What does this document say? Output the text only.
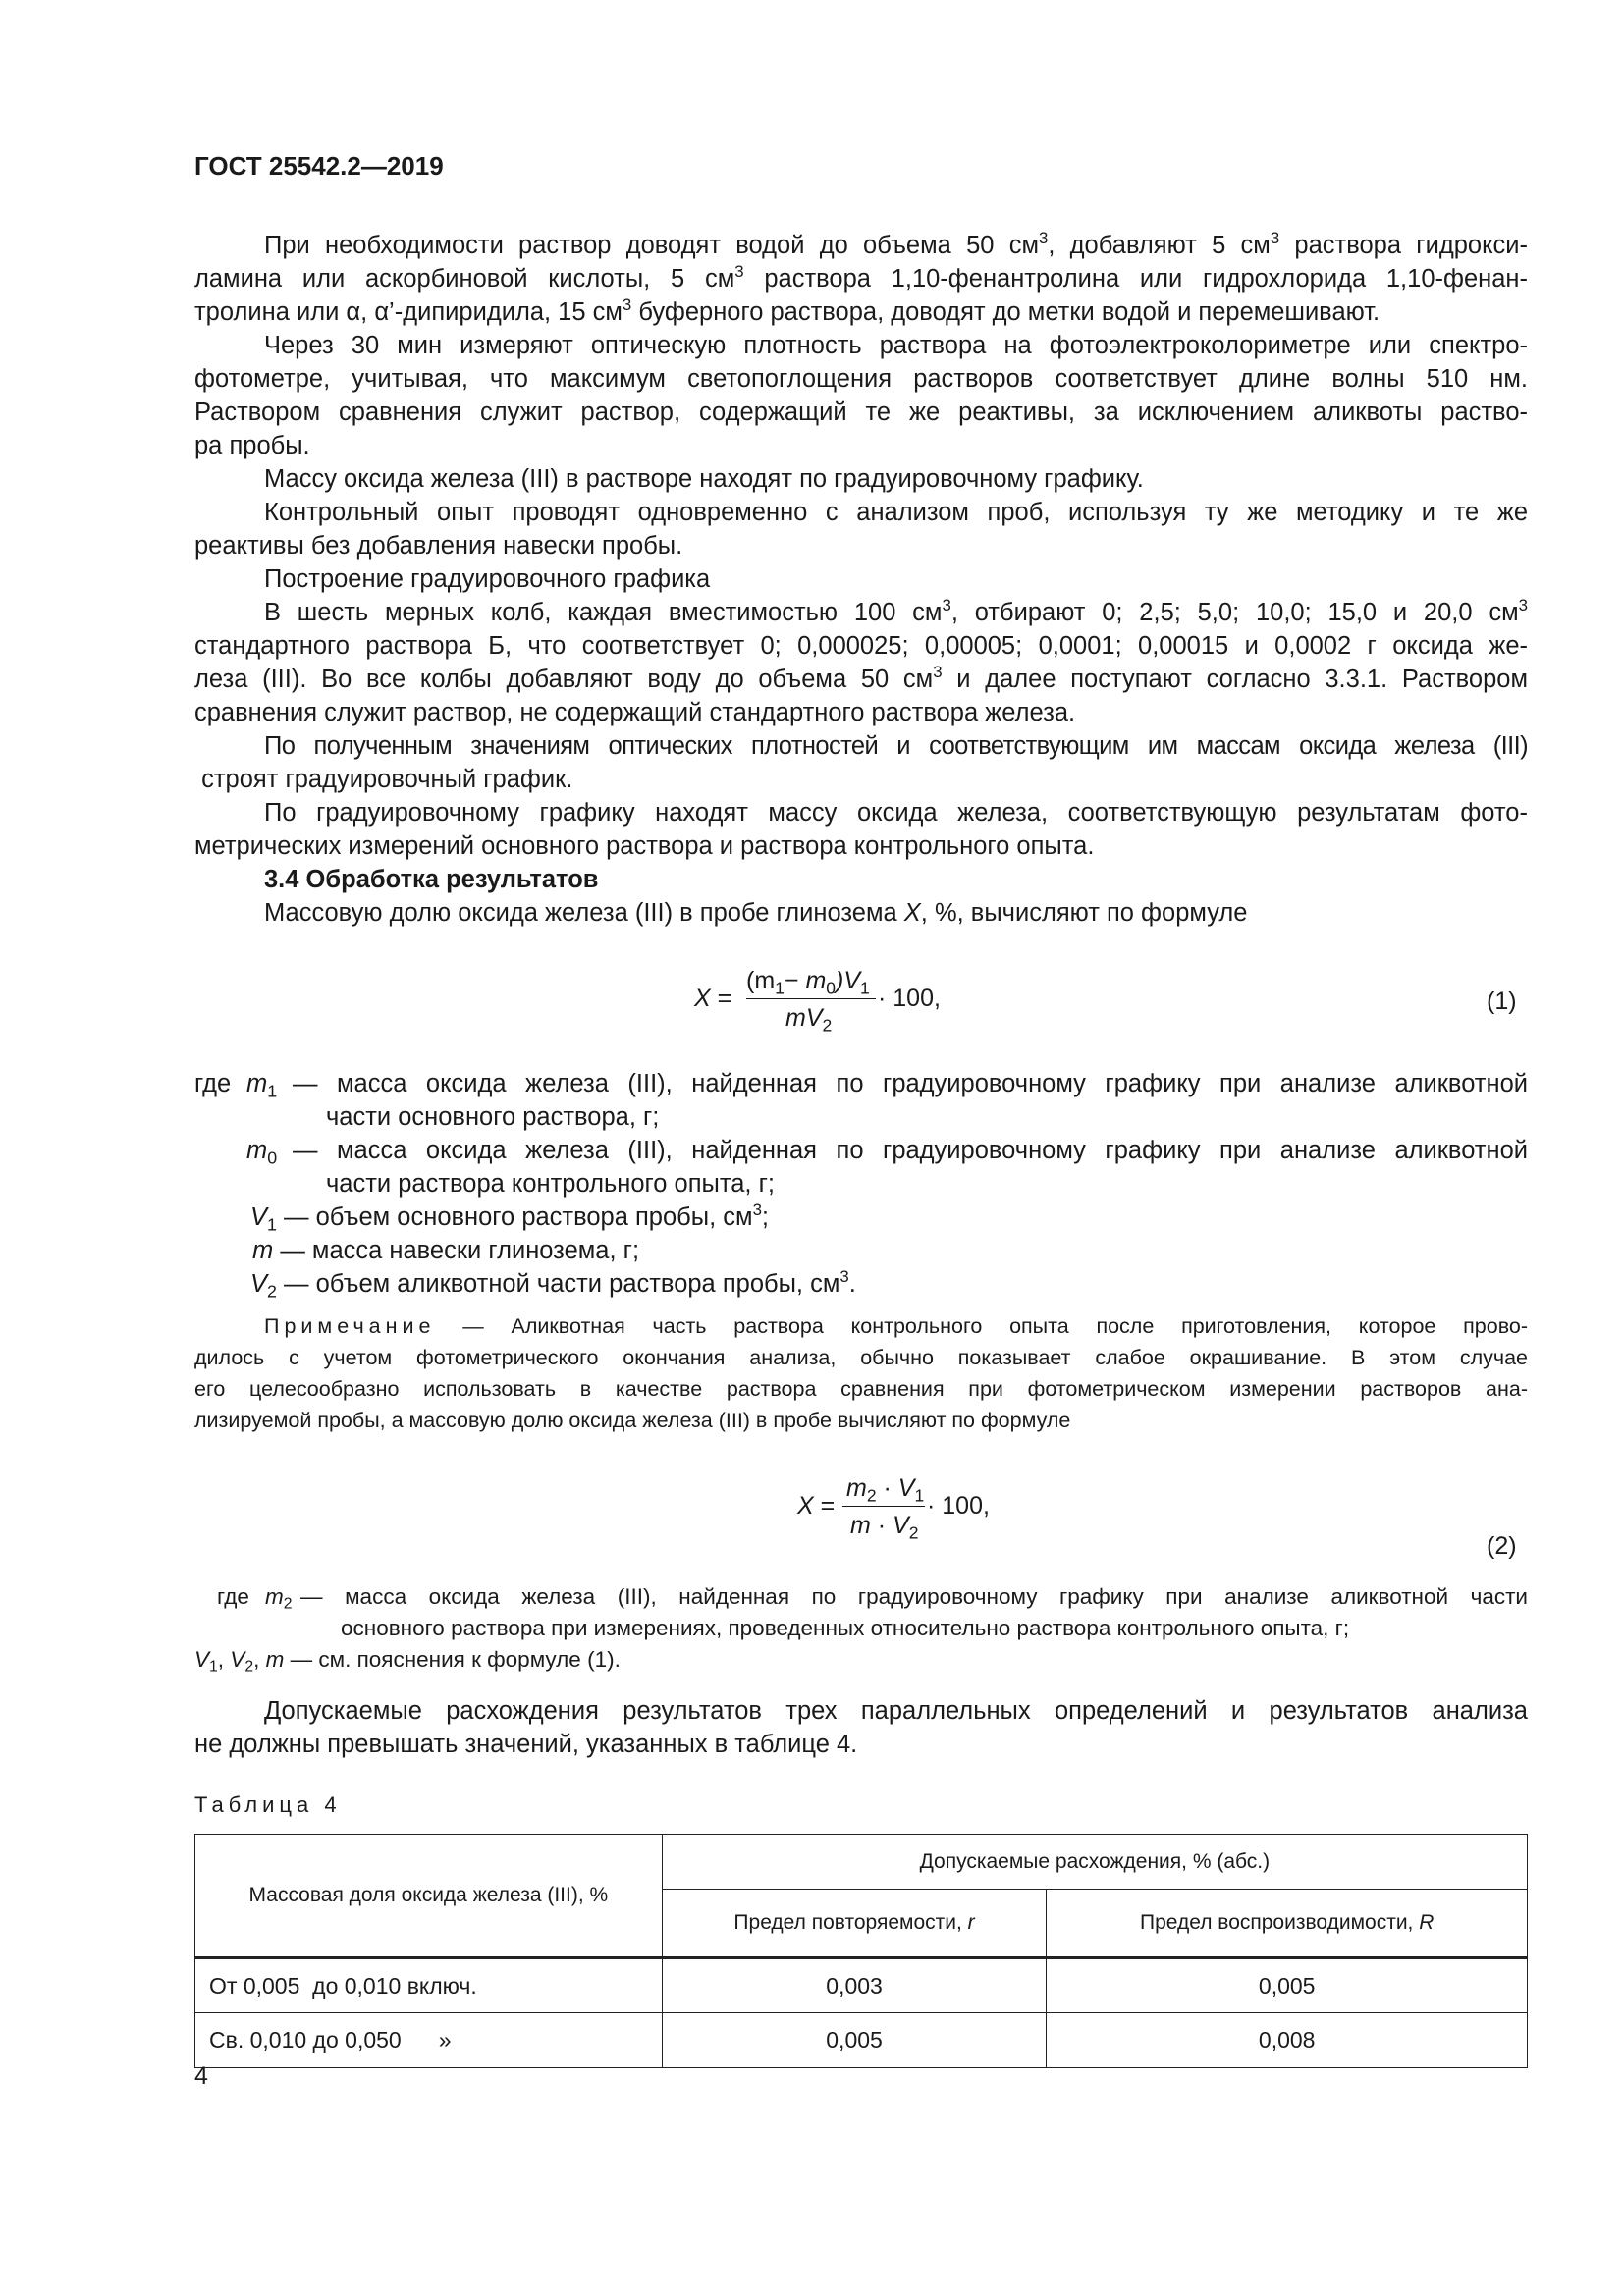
ГОСТ 25542.2—2019
При необходимости раствор доводят водой до объема 50 $см^3$, добавляют 5 $см^3$ раствора гидрокси-
ламина или аскорбиновой кислоты, 5 $см^3$ раствора 1,10-фенантролина или гидрохлорида 1,10-фенан-
тролина или α, α’-дипиридила, 15 $см^3$ буферного раствора, доводят до метки водой и перемешивают.
Через 30 мин измеряют оптическую плотность раствора на фотоэлектроколориметре или спектро-
фотометре, учитывая, что максимум светопоглощения растворов соответствует длине волны 510 нм.
Раствором сравнения служит раствор, содержащий те же реактивы, за исключением аликвоты раство-
ра пробы.
Массу оксида железа (III) в растворе находят по градуировочному графику.
Контрольный опыт проводят одновременно с анализом проб, используя ту же методику и те же
реактивы без добавления навески пробы.
Построение градуировочного графика
В шесть мерных колб, каждая вместимостью 100 $см^3$, отбирают 0; 2,5; 5,0; 10,0; 15,0 и 20,0 $см^3$
стандартного раствора Б, что соответствует 0; 0,000025; 0,00005; 0,0001; 0,00015 и 0,0002 г оксида же-
леза (III). Во все колбы добавляют воду до объема 50 $см^3$ и далее поступают согласно 3.3.1. Раствором
сравнения служит раствор, не содержащий стандартного раствора железа.
По полученным значениям оптических плотностей и соответствующим им массам оксида железа (III)
строят градуировочный график.
По градуировочному графику находят массу оксида железа, соответствующую результатам фото-
метрических измерений основного раствора и раствора контрольного опыта.
3.4 Обработка результатов
Массовую долю оксида железа (III) в пробе глинозема X, %, вычисляют по формуле
X =
$(m_1- m_0)V_1$
$mV_2$
· 100,	(1)
где $m_1$ — масса оксида железа (III), найденная по градуировочному графику при анализе аликвотной
части основного раствора, г;
$m_0$ — масса оксида железа (III), найденная по градуировочному графику при анализе аликвотной
части раствора контрольного опыта, г;
$V_1$ — объем основного раствора пробы, $см^3$;
m — масса навески глинозема, г;
$V_2$ — объем аликвотной части раствора пробы, $см^3$.
Примечание — Аликвотная часть раствора контрольного опыта после приготовления, которое прово-
дилось с учетом фотометрического окончания анализа, обычно показывает слабое окрашивание. В этом случае
его целесообразно использовать в качестве раствора сравнения при фотометрическом измерении растворов ана-
лизируемой пробы, а массовую долю оксида железа (III) в пробе вычисляют по формуле
X =
$m_2 \cdot V_1$
$m \cdot V_2$
· 100,
(2)
где $m_2$ — масса оксида железа (III), найденная по градуировочному графику при анализе аликвотной части
основного раствора при измерениях, проведенных относительно раствора контрольного опыта, г;
$V_1$, $V_2$, m — см. пояснения к формуле (1).
Допускаемые расхождения результатов трех параллельных определений и результатов анализа
не должны превышать значений, указанных в таблице 4.
Таблица 4
Массовая доля оксида железа (III), %	Допускаемые расхождения, % (абс.)	
	Предел повторяемости, r	Предел воспроизводимости, R
От 0,005  до 0,010 включ.	0,003	0,005
Св. 0,010 до 0,050 »	0,005	0,008
4
